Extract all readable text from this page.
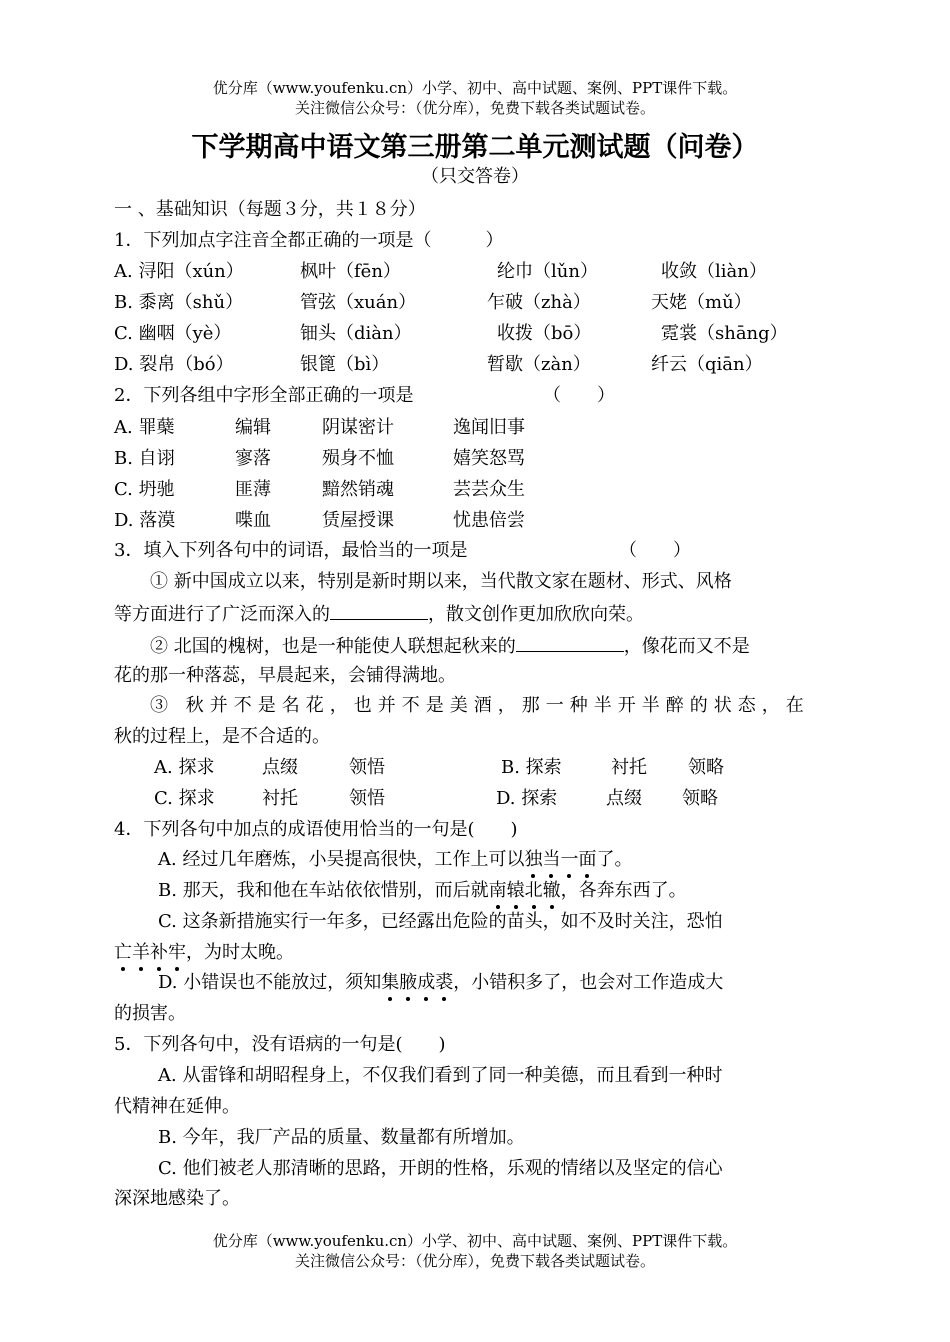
优分库（www.youfenku.cn）小学、初中、高中试题、案例、PPT课件下载。
关注微信公众号：（优分库），免费下载各类试题试卷。
下学期高中语文第三册第二单元测试题（问卷）
（只交答卷）
一 、基础知识（每题３分，共１８分）
1．下列加点字注音全都正确的一项是（　　　）
A. 浔阳（xún）	枫叶（fēn）	纶巾（lǔn）	收敛（liàn）
B. 黍离（shǔ）	管弦（xuán）	乍破（zhà）	天姥（mǔ）
C. 幽咽（yè）	钿头（diàn）	收拨（bō）	霓裳（shāng）
D. 裂帛（bó）	银篦（bì）	暂歇（zàn）	纤云（qiān）
2．下列各组中字形全部正确的一项是	（　　）
A. 罪蘖	编辑	阴谋密计	逸闻旧事
B. 自诩	寥落	殒身不恤	嬉笑怒骂
C. 坍驰	匪薄	黯然销魂	芸芸众生
D. 落漠	喋血	赁屋授课	忧患倍尝
3．填入下列各句中的词语，最恰当的一项是	（　　）
① 新中国成立以来，特别是新时期以来，当代散文家在题材、形式、风格
等方面进行了广泛而深入的	，散文创作更加欣欣向荣。
② 北国的槐树，也是一种能使人联想起秋来的	，像花而又不是
花的那一种落蕊，早晨起来，会铺得满地。
③ 秋并不是名花，也并不是美酒，那一种半开半醉的状态，在
秋的过程上，是不合适的。
A. 探求	点缀	领悟	B. 探索	衬托 领略
C. 探求	衬托	领悟	D. 探索	点缀 领略
4．下列各句中加点的成语使用恰当的一句是(　　)
A. 经过几年磨炼，小吴提高很快，工作上可以独当一面了。
B. 那天，我和他在车站依依惜别，而后就南辕北辙，各奔东西了。
C. 这条新措施实行一年多，已经露出危险的苗头，如不及时关注，恐怕
亡羊补牢，为时太晚。
D. 小错误也不能放过，须知集腋成裘，小错积多了，也会对工作造成大
的损害。
5．下列各句中，没有语病的一句是(　　)
A. 从雷锋和胡昭程身上，不仅我们看到了同一种美德，而且看到一种时
代精神在延伸。
B. 今年，我厂产品的质量、数量都有所增加。
C. 他们被老人那清晰的思路，开朗的性格，乐观的情绪以及坚定的信心
深深地感染了。
优分库（www.youfenku.cn）小学、初中、高中试题、案例、PPT课件下载。
关注微信公众号：（优分库），免费下载各类试题试卷。
